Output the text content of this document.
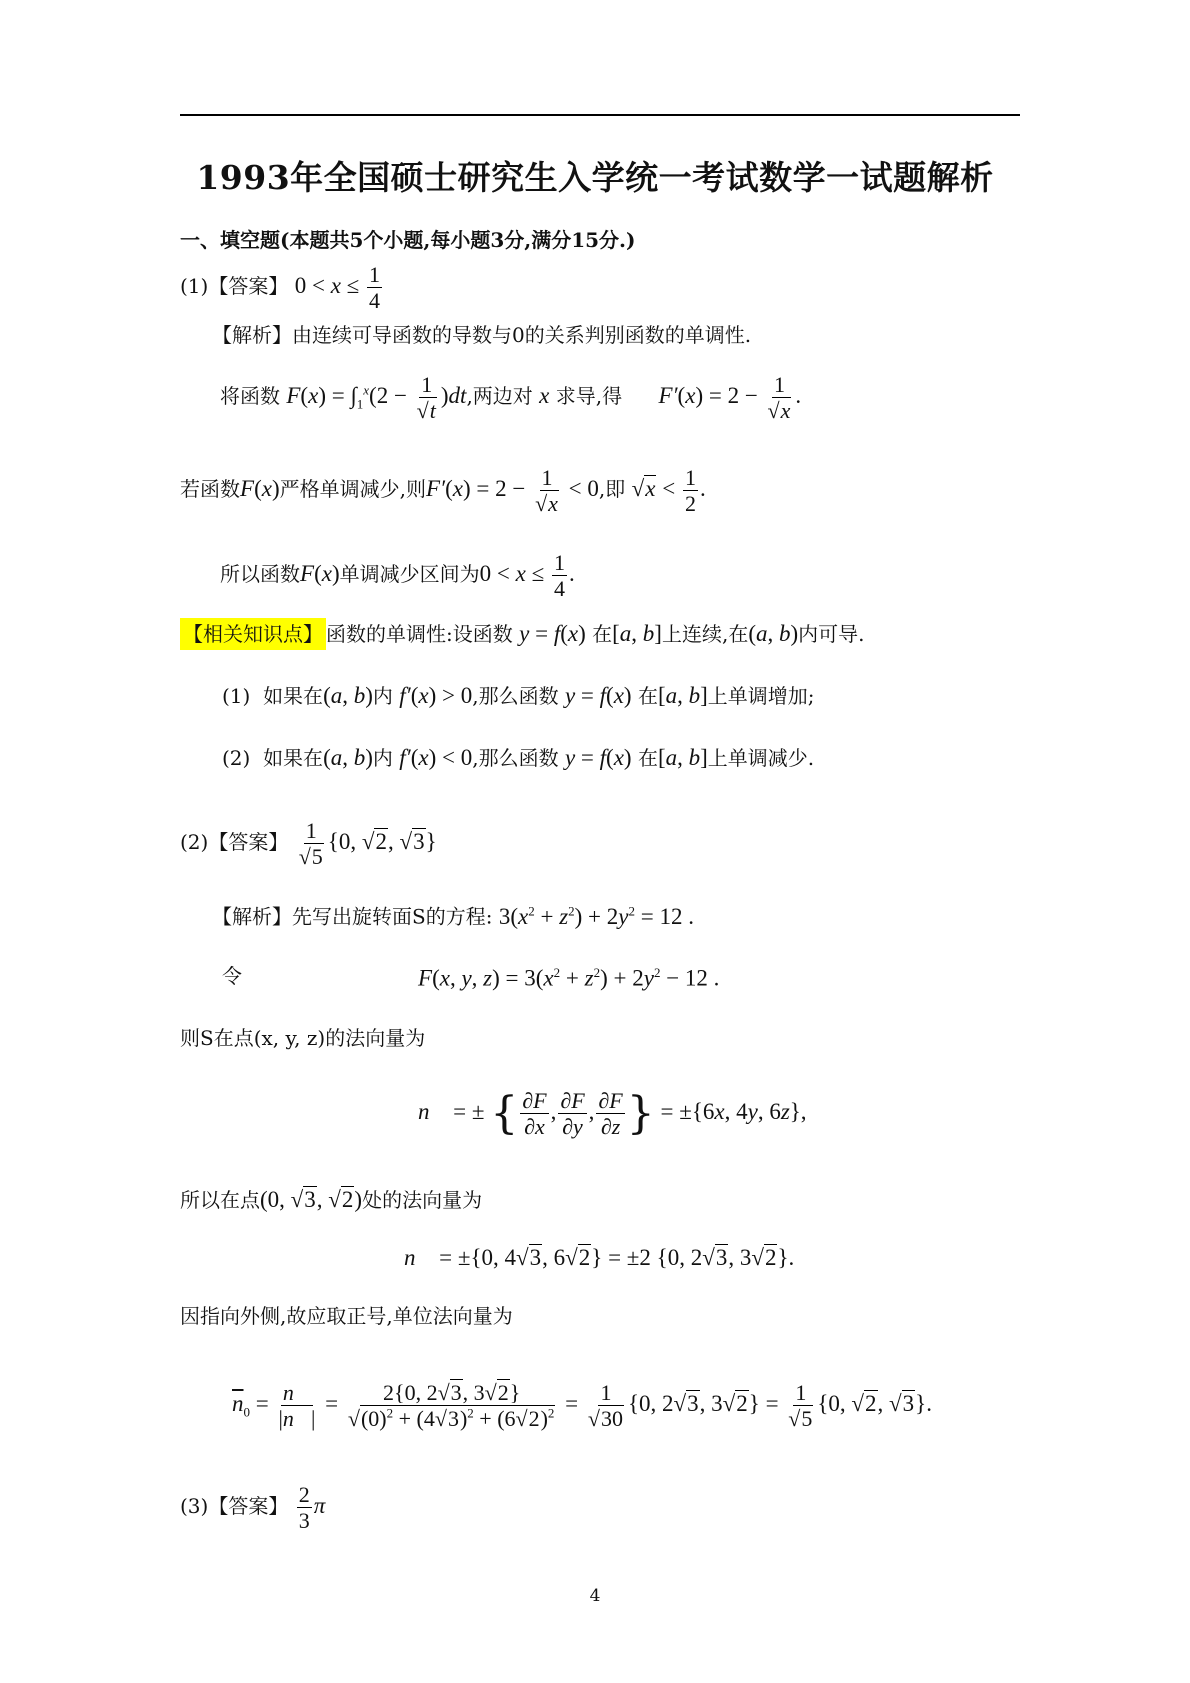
1993年全国硕士研究生入学统一考试数学一试题解析
一、填空题(本题共5个小题,每小题3分,满分15分.)
(1)【答案】 $0 < x \le \frac{1}{4}$
【解析】由连续可导函数的导数与0的关系判别函数的单调性.
将函数 $F(x) = \int_1^x(2 - \frac{1}{√t} )dt$,两边对 x 求导,得 $F'(x) = 2 - \frac{1}{√x}$ .
若函数F(x)严格单调减少,则$F'(x) = 2 - \frac{1}{√x} < 0$,即 $√x < \frac{1}{2}$ .
所以函数F(x)单调减少区间为$0 < x \le \frac{1}{4}$ .
【相关知识点】 函数的单调性:设函数 y = f(x) 在[a, b]上连续,在(a, b)内可导.
(1) 如果在(a, b)内 f′(x) > 0,那么函数 y = f(x) 在[a, b]上单调增加;
(2) 如果在(a, b)内 f′(x) < 0,那么函数 y = f(x) 在[a, b]上单调减少.
(2)【答案】 $\frac{1}{√5} \{0$, √2, √3}
【解析】先写出旋转面S的方程: $3(x^2 + z^2) + 2y^2 = 12$ .
令	F(x, y, $z) = 3(x^2 + z^2) + 2y^2 - 12$ .
则S在点(x, y, z)的法向量为
n⃗ = ± { $\frac{\partial F}{\partial x}$ , $\frac{\partial F}{\partial y}$ , $\frac{\partial F}{\partial z}$ } = ±{6x, 4y, 6z},
所以在点(0, √3, √2)处的法向量为
n⃗ = ±{0, 4√3, 6√2} = ±2 {0, 2√3, 3√2}.
因指向外侧,故应取正号,单位法向量为
$\overline{n}_0 = \frac{n⃗}{|n⃗|} = \frac{2\{0, 2√3, 3√2\}}{√(0)^2 + (4√3)^2 + (6√2)^2} = \frac{1}{√30} \{0$, 2√3, $3√2\} = \frac{1}{√5} \{0$, √2, √3}.
(3)【答案】 $\frac{2}{3}$ π
4
